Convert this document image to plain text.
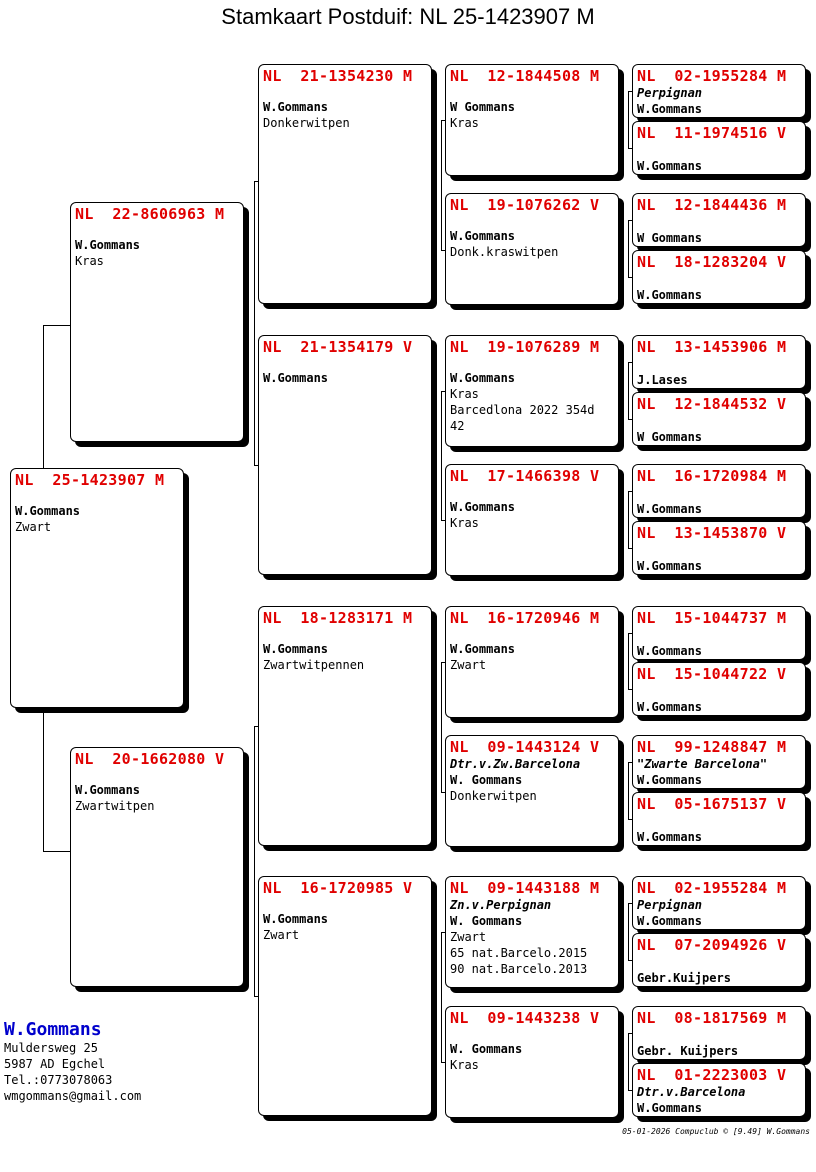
Stamkaart Postduif: NL 25-1423907 M
NL  25-1423907 M
W.Gommans
Zwart
NL  22-8606963 M
W.Gommans
Kras
NL  20-1662080 V
W.Gommans
Zwartwitpen
NL  21-1354230 M
W.Gommans
Donkerwitpen
NL  21-1354179 V
W.Gommans
NL  18-1283171 M
W.Gommans
Zwartwitpennen
NL  16-1720985 V
W.Gommans
Zwart
NL  12-1844508 M
W Gommans
Kras
NL  19-1076262 V
W.Gommans
Donk.kraswitpen
NL  19-1076289 M
W.Gommans
Kras
Barcedlona 2022 354d
42
NL  17-1466398 V
W.Gommans
Kras
NL  16-1720946 M
W.Gommans
Zwart
NL  09-1443124 V
Dtr.v.Zw.Barcelona
W. Gommans
Donkerwitpen
NL  09-1443188 M
Zn.v.Perpignan
W. Gommans
Zwart
65 nat.Barcelo.2015
90 nat.Barcelo.2013
NL  09-1443238 V
W. Gommans
Kras
NL  02-1955284 M
Perpignan
W.Gommans
NL  11-1974516 V

W.Gommans
NL  12-1844436 M

W Gommans
NL  18-1283204 V

W.Gommans
NL  13-1453906 M

J.Lases
NL  12-1844532 V

W Gommans
NL  16-1720984 M

W.Gommans
NL  13-1453870 V

W.Gommans
NL  15-1044737 M

W.Gommans
NL  15-1044722 V

W.Gommans
NL  99-1248847 M
"Zwarte Barcelona"
W.Gommans
NL  05-1675137 V

W.Gommans
NL  02-1955284 M
Perpignan
W.Gommans
NL  07-2094926 V

Gebr.Kuijpers
NL  08-1817569 M

Gebr. Kuijpers
NL  01-2223003 V
Dtr.v.Barcelona
W.Gommans
W.Gommans
Muldersweg 25
5987 AD Egchel
Tel.:0773078063
wmgommans@gmail.com
05-01-2026 Compuclub © [9.49] W.Gommans
